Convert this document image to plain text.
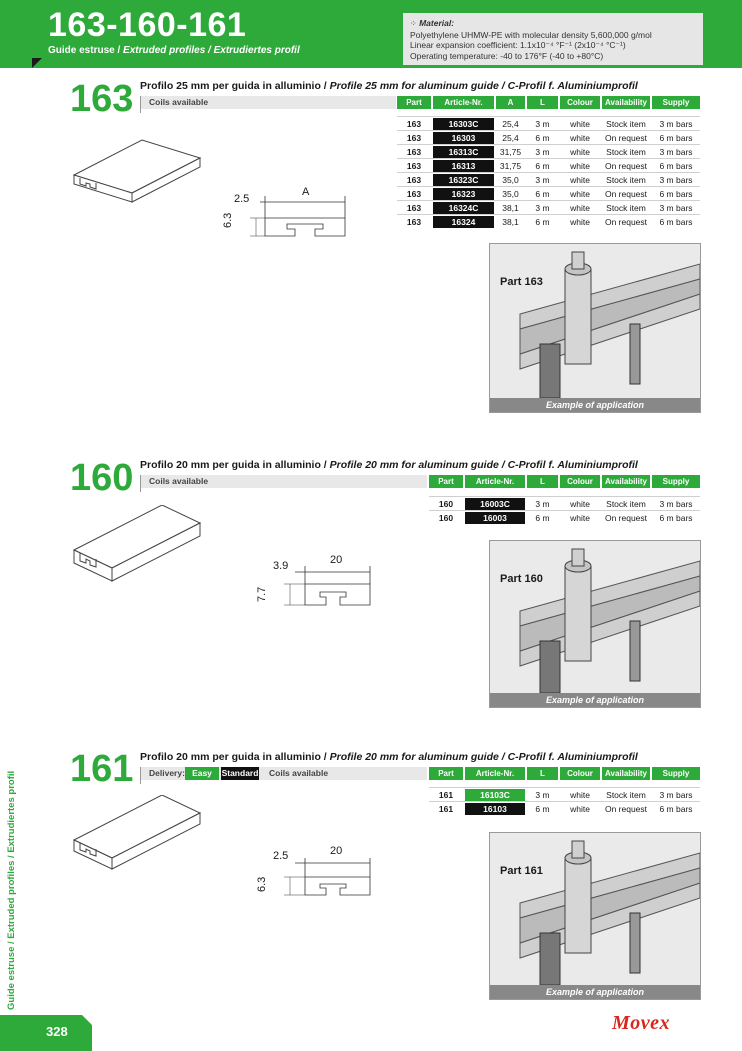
163-160-161
Guide estruse / Extruded profiles / Extrudiertes profil
⁘ Material:
Polyethylene UHMW-PE with molecular density 5,600,000 g/mol
Linear expansion coefficient: 1.1x10⁻⁴ °F⁻¹ (2x10⁻⁴ °C⁻¹)
Operating temperature: -40 to 176°F (-40 to +80°C)
163 Profilo 25 mm per guida in alluminio / Profile 25 mm for aluminum guide / C-Profil f. Aluminiumprofil
Coils available	Part	Article-Nr.	A	L	Colour	Availability	Supply
2.5
A
6.3
Part 163
Example of application
160 Profilo 20 mm per guida in alluminio / Profile 20 mm for aluminum guide / C-Profil f. Aluminiumprofil
Coils available	Part	Article-Nr.	L	Colour	Availability	Supply
3.9	20
7.7
Part 160
Example of application
161 Profilo 20 mm per guida in alluminio / Profile 20 mm for aluminum guide / C-Profil f. Aluminiumprofil
Delivery: Easy	Standard Coils available	Part	Article-Nr.	L	Colour	Availability	Supply
2.5	20
6.3
Part 161
Example of application
Guide estruse / Extruded profiles / Extrudiertes profil
328	Movex
163	16303C	25,4	3 m	white	Stock item	3 m bars
163	16303	25,4	6 m	white	On request	6 m bars
163	16313C	31,75	3 m	white	Stock item	3 m bars
163	16313	31,75	6 m	white	On request	6 m bars
163	16323C	35,0	3 m	white	Stock item	3 m bars
163	16323	35,0	6 m	white	On request	6 m bars
163	16324C	38,1	3 m	white	Stock item	3 m bars
163	16324	38,1	6 m	white	On request	6 m bars
160	16003C	3 m	white	Stock item	3 m bars
160	16003	6 m	white	On request	6 m bars
161	16103C	3 m	white	Stock item	3 m bars
161	16103	6 m	white	On request	6 m bars
